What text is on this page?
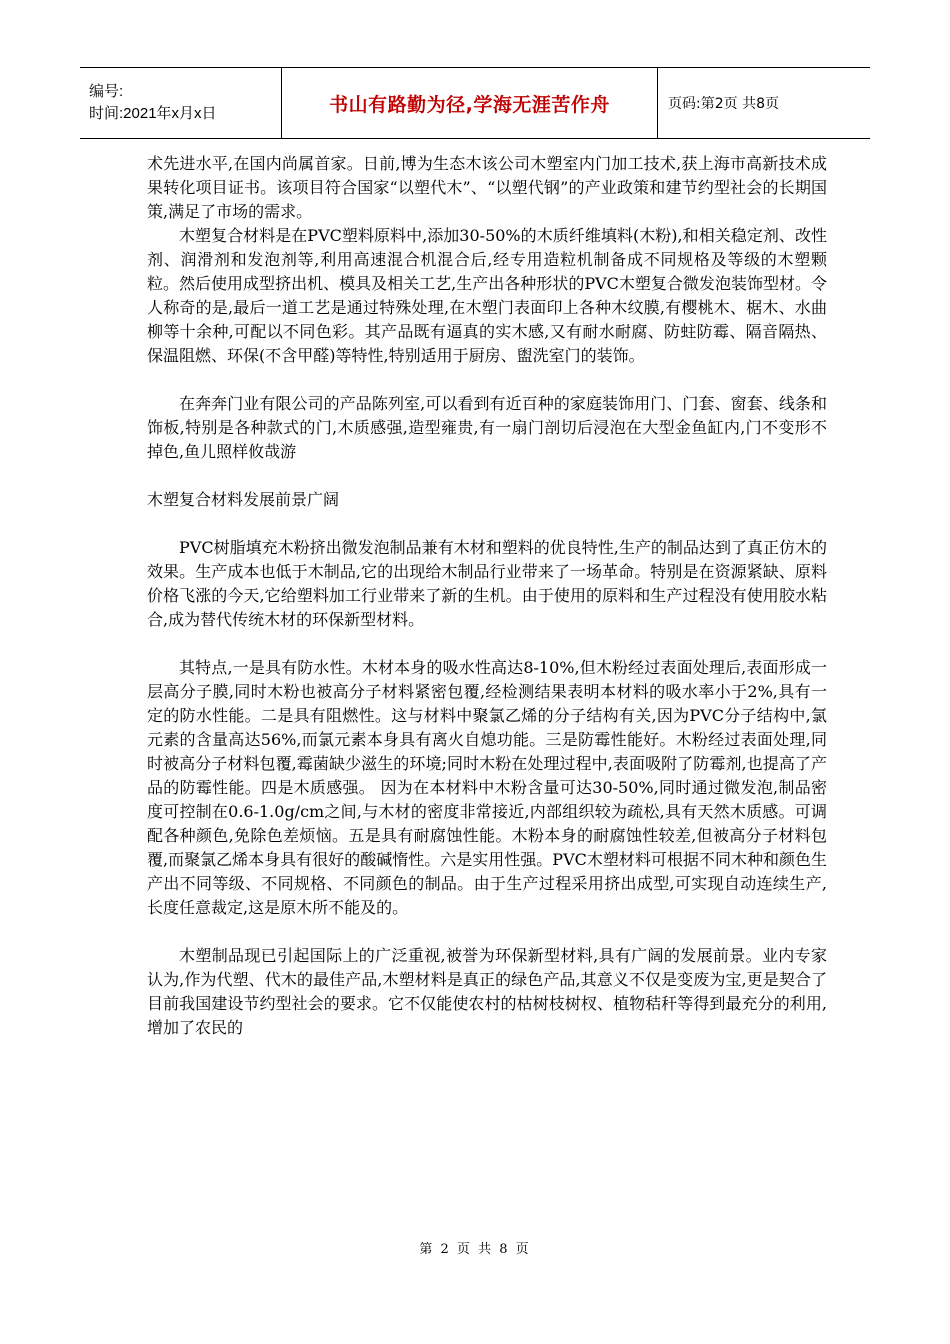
编号:
时间:2021年x月x日	书山有路勤为径,学海无涯苦作舟	页码:第2页 共8页

术先进水平,在国内尚属首家。日前,博为生态木该公司木塑室内门加工技术,获上海市高新技术成果转化项目证书。该项目符合国家“以塑代木”、“以塑代钢”的产业政策和建节约型社会的长期国策,满足了市场的需求。

木塑复合材料是在PVC塑料原料中,添加30-50%的木质纤维填料(木粉),和相关稳定剂、改性剂、润滑剂和发泡剂等,利用高速混合机混合后,经专用造粒机制备成不同规格及等级的木塑颗粒。然后使用成型挤出机、模具及相关工艺,生产出各种形状的PVC木塑复合微发泡装饰型材。令人称奇的是,最后一道工艺是通过特殊处理,在木塑门表面印上各种木纹膜,有樱桃木、椐木、水曲柳等十余种,可配以不同色彩。其产品既有逼真的实木感,又有耐水耐腐、防蛀防霉、隔音隔热、保温阻燃、环保(不含甲醛)等特性,特别适用于厨房、盥洗室门的装饰。

在奔奔门业有限公司的产品陈列室,可以看到有近百种的家庭装饰用门、门套、窗套、线条和饰板,特别是各种款式的门,木质感强,造型雍贵,有一扇门剖切后浸泡在大型金鱼缸内,门不变形不掉色,鱼儿照样攸哉游

木塑复合材料发展前景广阔

PVC树脂填充木粉挤出微发泡制品兼有木材和塑料的优良特性,生产的制品达到了真正仿木的效果。生产成本也低于木制品,它的出现给木制品行业带来了一场革命。特别是在资源紧缺、原料价格飞涨的今天,它给塑料加工行业带来了新的生机。由于使用的原料和生产过程没有使用胶水粘合,成为替代传统木材的环保新型材料。

其特点,一是具有防水性。木材本身的吸水性高达8-10%,但木粉经过表面处理后,表面形成一层高分子膜,同时木粉也被高分子材料紧密包覆,经检测结果表明本材料的吸水率小于2%,具有一定的防水性能。二是具有阻燃性。这与材料中聚氯乙烯的分子结构有关,因为PVC分子结构中,氯元素的含量高达56%,而氯元素本身具有离火自熄功能。三是防霉性能好。木粉经过表面处理,同时被高分子材料包覆,霉菌缺少滋生的环境;同时木粉在处理过程中,表面吸附了防霉剂,也提高了产品的防霉性能。四是木质感强。 因为在本材料中木粉含量可达30-50%,同时通过微发泡,制品密度可控制在0.6-1.0g/cm之间,与木材的密度非常接近,内部组织较为疏松,具有天然木质感。可调配各种颜色,免除色差烦恼。五是具有耐腐蚀性能。木粉本身的耐腐蚀性较差,但被高分子材料包覆,而聚氯乙烯本身具有很好的酸碱惰性。六是实用性强。PVC木塑材料可根据不同木种和颜色生产出不同等级、不同规格、不同颜色的制品。由于生产过程采用挤出成型,可实现自动连续生产,长度任意裁定,这是原木所不能及的。

木塑制品现已引起国际上的广泛重视,被誉为环保新型材料,具有广阔的发展前景。业内专家认为,作为代塑、代木的最佳产品,木塑材料是真正的绿色产品,其意义不仅是变废为宝,更是契合了目前我国建设节约型社会的要求。它不仅能使农村的枯树枝树杈、植物秸秆等得到最充分的利用,增加了农民的

第 2 页 共 8 页
